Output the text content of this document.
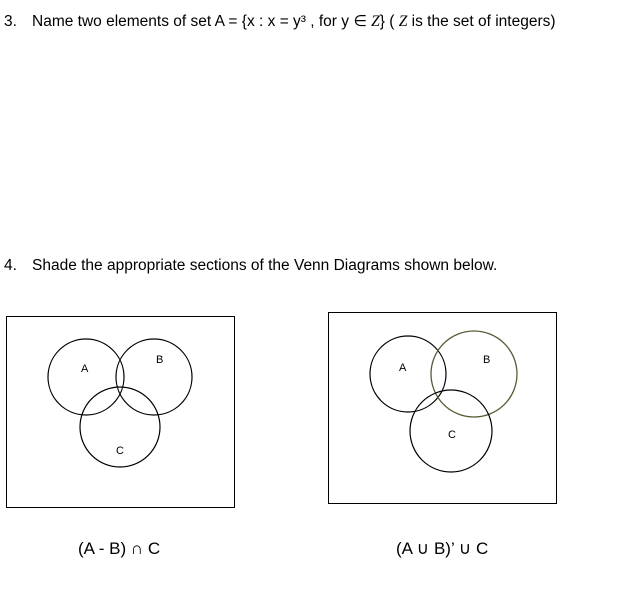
3. Name two elements of set A = {x : x = y³ , for y ∈ Z} ( Z is the set of integers)
4. Shade the appropriate sections of the Venn Diagrams shown below.
A
B
C
A
B
C
(A - B) ∩ C	(A ∪ B)’ ∪ C
